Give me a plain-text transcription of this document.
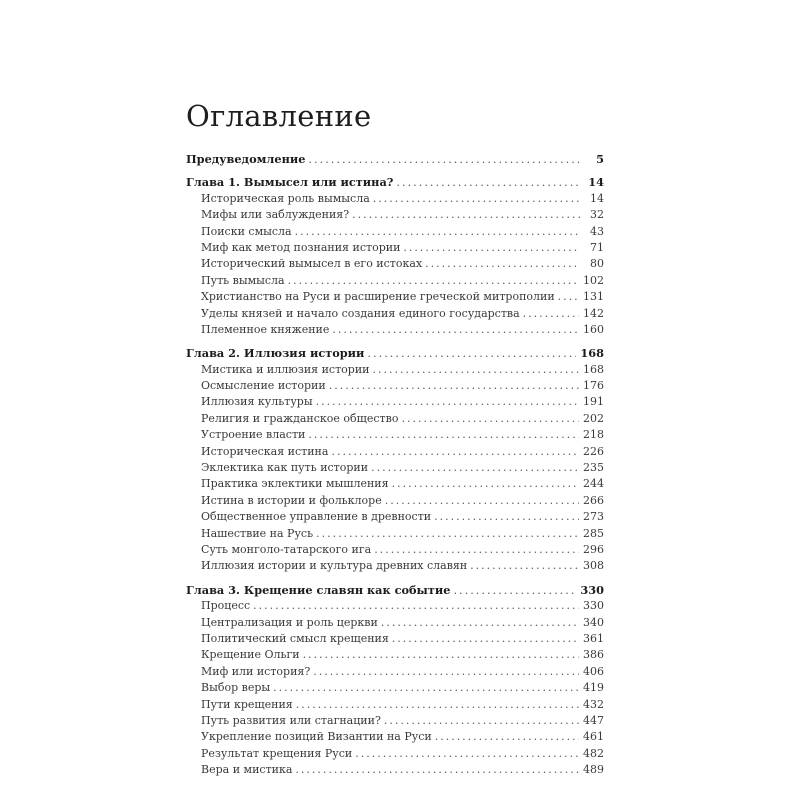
Оглавление
Предуведомление .....	5
Глава 1. Вымысел или истина? .....	14
Историческая роль вымысла .....	14
Мифы или заблуждения? .....	32
Поиски смысла .....	43
Миф как метод познания истории .....	71
Исторический вымысел в его истоках .....	80
Путь вымысла .....	102
Христианство на Руси и расширение греческой митрополии .....	131
Уделы князей и начало создания единого государства .....	142
Племенное княжение .....	160
Глава 2. Иллюзия истории .....	168
Мистика и иллюзия истории .....	168
Осмысление истории .....	176
Иллюзия культуры .....	191
Религия и гражданское общество .....	202
Устроение власти .....	218
Историческая истина .....	226
Эклектика как путь истории .....	235
Практика эклектики мышления .....	244
Истина в истории и фольклоре .....	266
Общественное управление в древности .....	273
Нашествие на Русь .....	285
Суть монголо-татарского ига .....	296
Иллюзия истории и культура древних славян .....	308
Глава 3. Крещение славян как событие .....	330
Процесс .....	330
Централизация и роль церкви .....	340
Политический смысл крещения .....	361
Крещение Ольги .....	386
Миф или история? .....	406
Выбор веры .....	419
Пути крещения .....	432
Путь развития или стагнации? .....	447
Укрепление позиций Византии на Руси .....	461
Результат крещения Руси .....	482
Вера и мистика .....	489
